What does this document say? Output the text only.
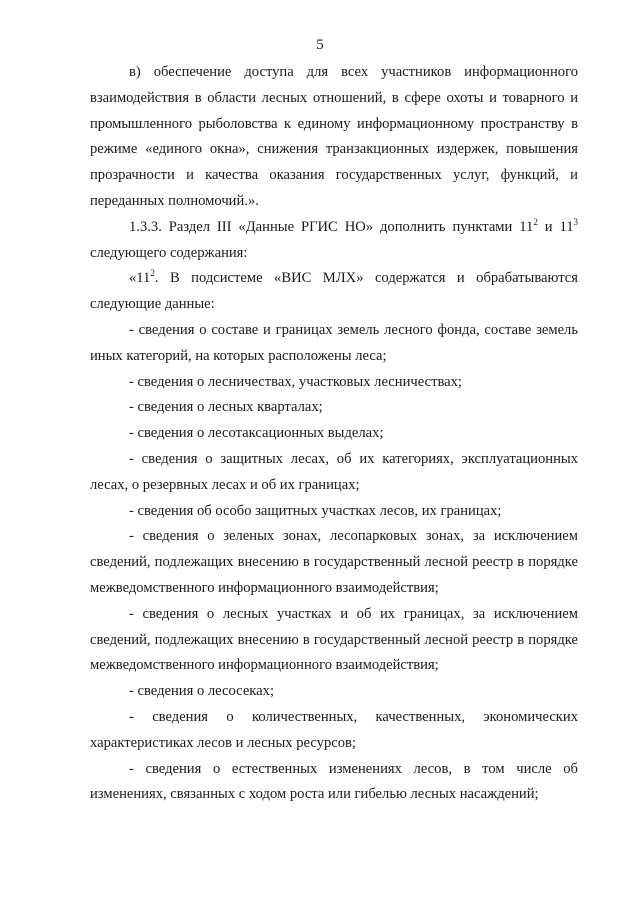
5

в) обеспечение доступа для всех участников информационного взаимодействия в области лесных отношений, в сфере охоты и товарного и промышленного рыболовства к единому информационному пространству в режиме «единого окна», снижения транзакционных издержек, повышения прозрачности и качества оказания государственных услуг, функций, и переданных полномочий.».

1.3.3. Раздел III «Данные РГИС НО» дополнить пунктами $11^2$ и $11^3$ следующего содержания:

«$11^2$. В подсистеме «ВИС МЛХ» содержатся и обрабатываются следующие данные:

- сведения о составе и границах земель лесного фонда, составе земель иных категорий, на которых расположены леса;

- сведения о лесничествах, участковых лесничествах;

- сведения о лесных кварталах;

- сведения о лесотаксационных выделах;

- сведения о защитных лесах, об их категориях, эксплуатационных лесах, о резервных лесах и об их границах;

- сведения об особо защитных участках лесов, их границах;

- сведения о зеленых зонах, лесопарковых зонах, за исключением сведений, подлежащих внесению в государственный лесной реестр в порядке межведомственного информационного взаимодействия;

- сведения о лесных участках и об их границах, за исключением сведений, подлежащих внесению в государственный лесной реестр в порядке межведомственного информационного взаимодействия;

- сведения о лесосеках;

- сведения о количественных, качественных, экономических характеристиках лесов и лесных ресурсов;

- сведения о естественных изменениях лесов, в том числе об изменениях, связанных с ходом роста или гибелью лесных насаждений;
